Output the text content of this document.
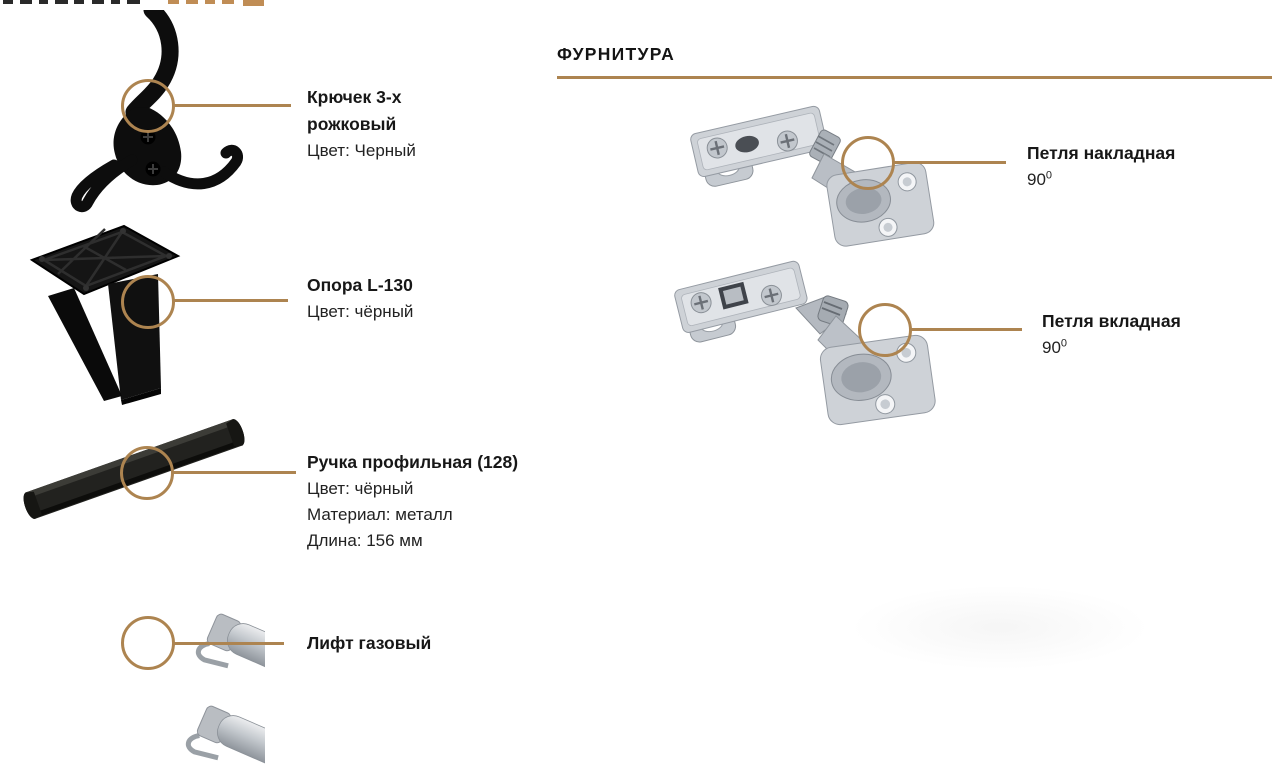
Крючек 3-х рожковый
Цвет: Черный
Опора L-130
Цвет: чёрный
Ручка профильная (128)
Цвет: чёрный
Материал: металл
Длина: 156 мм
Лифт газовый
ФУРНИТУРА
Петля накладная
$90^0$
Петля вкладная
$90^0$
